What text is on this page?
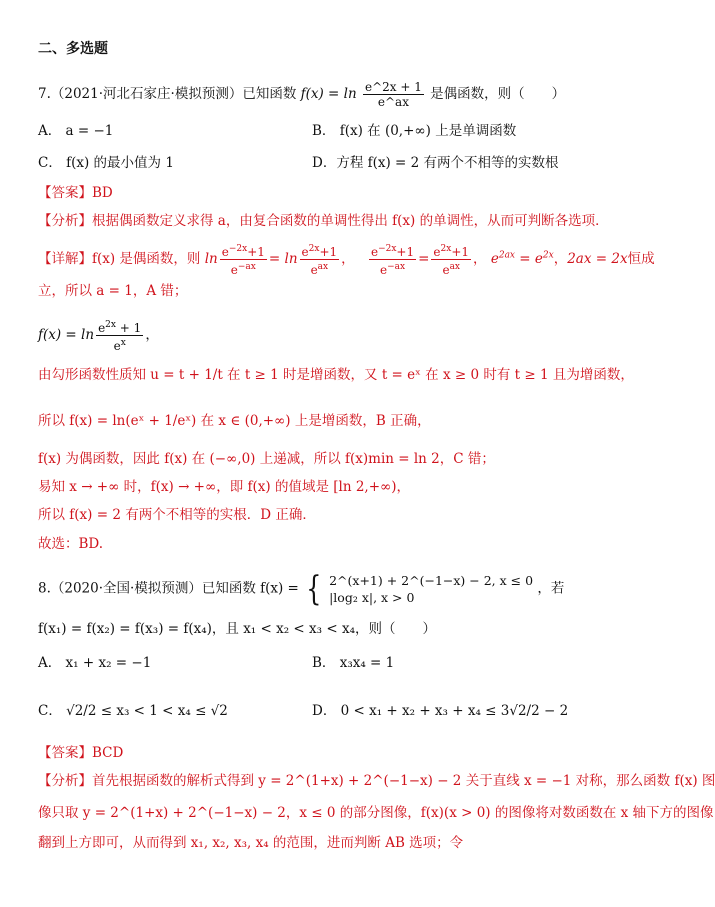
二、多选题
7.（2021·河北石家庄·模拟预测）已知函数 $f(x) = \ln \frac{e\^{}2x + 1}{e\^{}ax}$ 是偶函数，则（　　）
A． a = −1	B． f(x) 在 (0,+∞) 上是单调函数
C． f(x) 的最小值为 1	D．方程 f(x) = 2 有两个不相等的实数根
【答案】BD
【分析】根据偶函数定义求得 a，由复合函数的单调性得出 f(x) 的单调性，从而可判断各选项．
【详解】f(x) 是偶函数，则 $\ln \frac{e^{-2x}+1}{e^{-ax}} = \ln \frac{e^{2x}+1}{e^{ax}}$ ， $\frac{e^{-2x}+1}{e^{-ax}} = \frac{e^{2x}+1}{e^{ax}}$ ， $e^{2ax} = e^{2x}$，2ax = 2x恒成
立，所以 a = 1，A 错；
$f(x) = \ln \frac{e^{2x} + 1}{e^x}$ ，
由勾形函数性质知 u = t + 1/t 在 t ≥ 1 时是增函数，又 t = eˣ 在 x ≥ 0 时有 t ≥ 1 且为增函数，
所以 f(x) = ln(eˣ + 1/eˣ) 在 x ∈ (0,+∞) 上是增函数，B 正确，
f(x) 为偶函数，因此 f(x) 在 (−∞,0) 上递减，所以 f(x)min = ln 2，C 错；
易知 x → +∞ 时，f(x) → +∞，即 f(x) 的值域是 [ln 2,+∞)，
所以 f(x) = 2 有两个不相等的实根．D 正确．
故选：BD.
8.（2020·全国·模拟预测）已知函数 f(x) = { 2^(x+1) + 2^(−1−x) − 2, x ≤ 0
|log₂ x|, x > 0
，若
f(x₁) = f(x₂) = f(x₃) = f(x₄)，且 x₁ < x₂ < x₃ < x₄，则（　　）
A． x₁ + x₂ = −1	B． x₃x₄ = 1
C． √2/2 ≤ x₃ < 1 < x₄ ≤ √2	D． 0 < x₁ + x₂ + x₃ + x₄ ≤ 3√2/2 − 2
【答案】BCD
【分析】首先根据函数的解析式得到 y = 2^(1+x) + 2^(−1−x) − 2 关于直线 x = −1 对称，那么函数 f(x) 图
像只取 y = 2^(1+x) + 2^(−1−x) − 2，x ≤ 0 的部分图像，f(x)(x > 0) 的图像将对数函数在 x 轴下方的图像
翻到上方即可，从而得到 x₁, x₂, x₃, x₄ 的范围，进而判断 AB 选项；令
